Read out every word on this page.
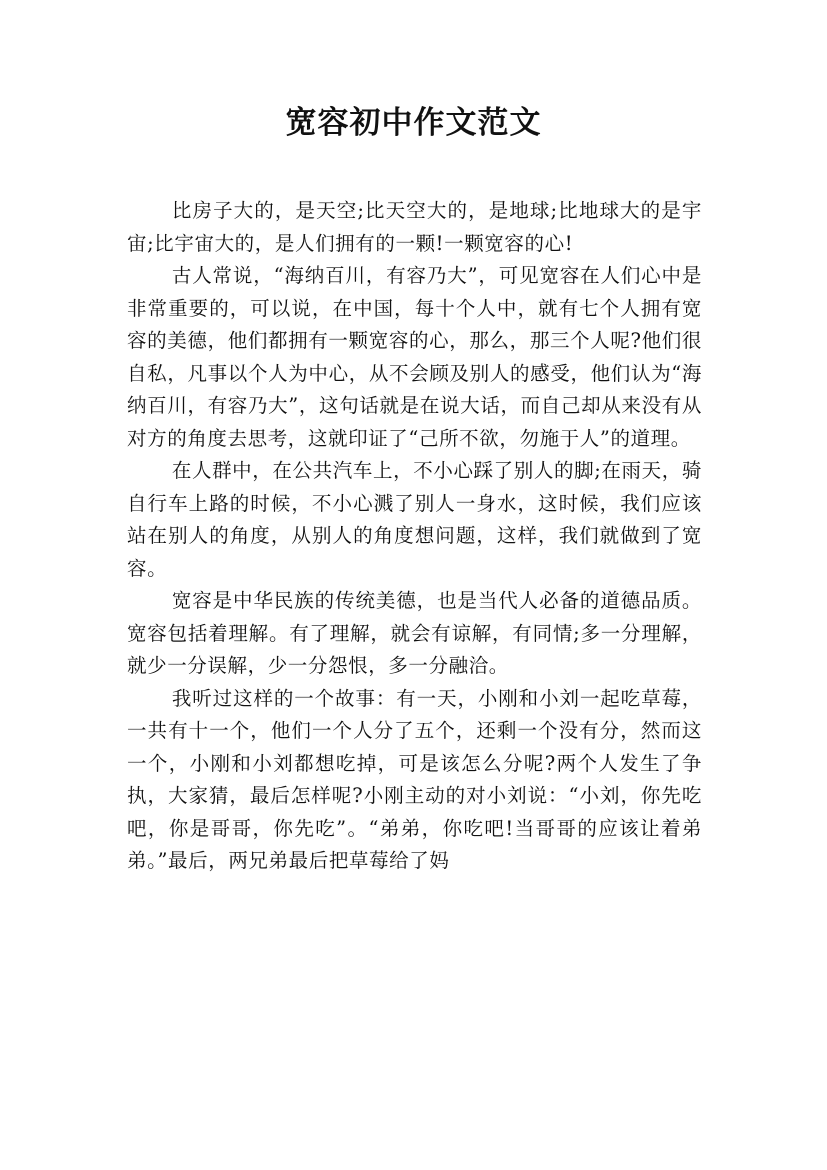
宽容初中作文范文

比房子大的，是天空;比天空大的，是地球;比地球大的是宇宙;比宇宙大的，是人们拥有的一颗!一颗宽容的心!

古人常说，“海纳百川，有容乃大”，可见宽容在人们心中是非常重要的，可以说，在中国，每十个人中，就有七个人拥有宽容的美德，他们都拥有一颗宽容的心，那么，那三个人呢?他们很自私，凡事以个人为中心，从不会顾及别人的感受，他们认为“海纳百川，有容乃大”，这句话就是在说大话，而自己却从来没有从对方的角度去思考，这就印证了“己所不欲，勿施于人”的道理。

在人群中，在公共汽车上，不小心踩了别人的脚;在雨天，骑自行车上路的时候，不小心溅了别人一身水，这时候，我们应该站在别人的角度，从别人的角度想问题，这样，我们就做到了宽容。

宽容是中华民族的传统美德，也是当代人必备的道德品质。宽容包括着理解。有了理解，就会有谅解，有同情;多一分理解，就少一分误解，少一分怨恨，多一分融洽。

我听过这样的一个故事：有一天，小刚和小刘一起吃草莓，一共有十一个，他们一个人分了五个，还剩一个没有分，然而这一个，小刚和小刘都想吃掉，可是该怎么分呢?两个人发生了争执，大家猜，最后怎样呢?小刚主动的对小刘说：“小刘，你先吃吧，你是哥哥，你先吃”。“弟弟，你吃吧!当哥哥的应该让着弟弟。”最后，两兄弟最后把草莓给了妈
